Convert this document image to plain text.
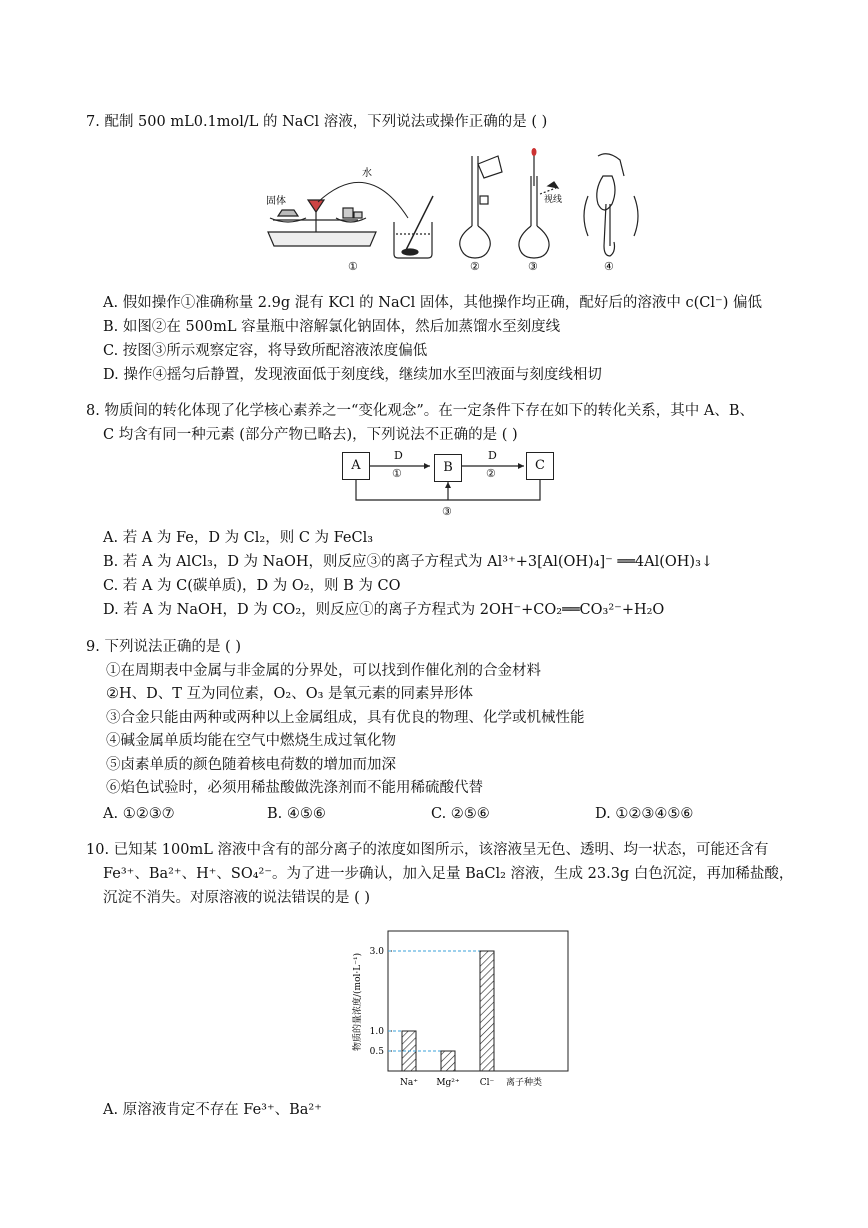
7. 配制 500 mL0.1mol/L 的 NaCl 溶液，下列说法或操作正确的是 ( )
固体
水
①	②
视线
③	④
A. 假如操作①准确称量 2.9g 混有 KCl 的 NaCl 固体，其他操作均正确，配好后的溶液中 c(Cl⁻) 偏低
B. 如图②在 500mL 容量瓶中溶解氯化钠固体，然后加蒸馏水至刻度线
C. 按图③所示观察定容，将导致所配溶液浓度偏低
D. 操作④摇匀后静置，发现液面低于刻度线，继续加水至凹液面与刻度线相切
8. 物质间的转化体现了化学核心素养之一“变化观念”。在一定条件下存在如下的转化关系，其中 A、B、
C 均含有同一种元素 (部分产物已略去)，下列说法不正确的是 ( )
A	B	C
D
①
D
②
③
A. 若 A 为 Fe，D 为 Cl₂，则 C 为 FeCl₃
B. 若 A 为 AlCl₃，D 为 NaOH，则反应③的离子方程式为 Al³⁺+3[Al(OH)₄]⁻ ══4Al(OH)₃↓
C. 若 A 为 C(碳单质)，D 为 O₂，则 B 为 CO
D. 若 A 为 NaOH，D 为 CO₂，则反应①的离子方程式为 2OH⁻+CO₂══CO₃²⁻+H₂O
9. 下列说法正确的是 ( )
①在周期表中金属与非金属的分界处，可以找到作催化剂的合金材料
②H、D、T 互为同位素，O₂、O₃ 是氧元素的同素异形体
③合金只能由两种或两种以上金属组成，具有优良的物理、化学或机械性能
④碱金属单质均能在空气中燃烧生成过氧化物
⑤卤素单质的颜色随着核电荷数的增加而加深
⑥焰色试验时，必须用稀盐酸做洗涤剂而不能用稀硫酸代替
A. ①②③⑦	B. ④⑤⑥	C. ②⑤⑥	D. ①②③④⑤⑥
10. 已知某 100mL 溶液中含有的部分离子的浓度如图所示，该溶液呈无色、透明、均一状态，可能还含有
Fe³⁺、Ba²⁺、H⁺、SO₄²⁻。为了进一步确认，加入足量 BaCl₂ 溶液，生成 23.3g 白色沉淀，再加稀盐酸，
沉淀不消失。对原溶液的说法错误的是 ( )
0.5
1.0
3.0
Na⁺ Mg²⁺ Cl⁻
物质的量浓度/(mol·L⁻¹)
离子种类
A. 原溶液肯定不存在 Fe³⁺、Ba²⁺
